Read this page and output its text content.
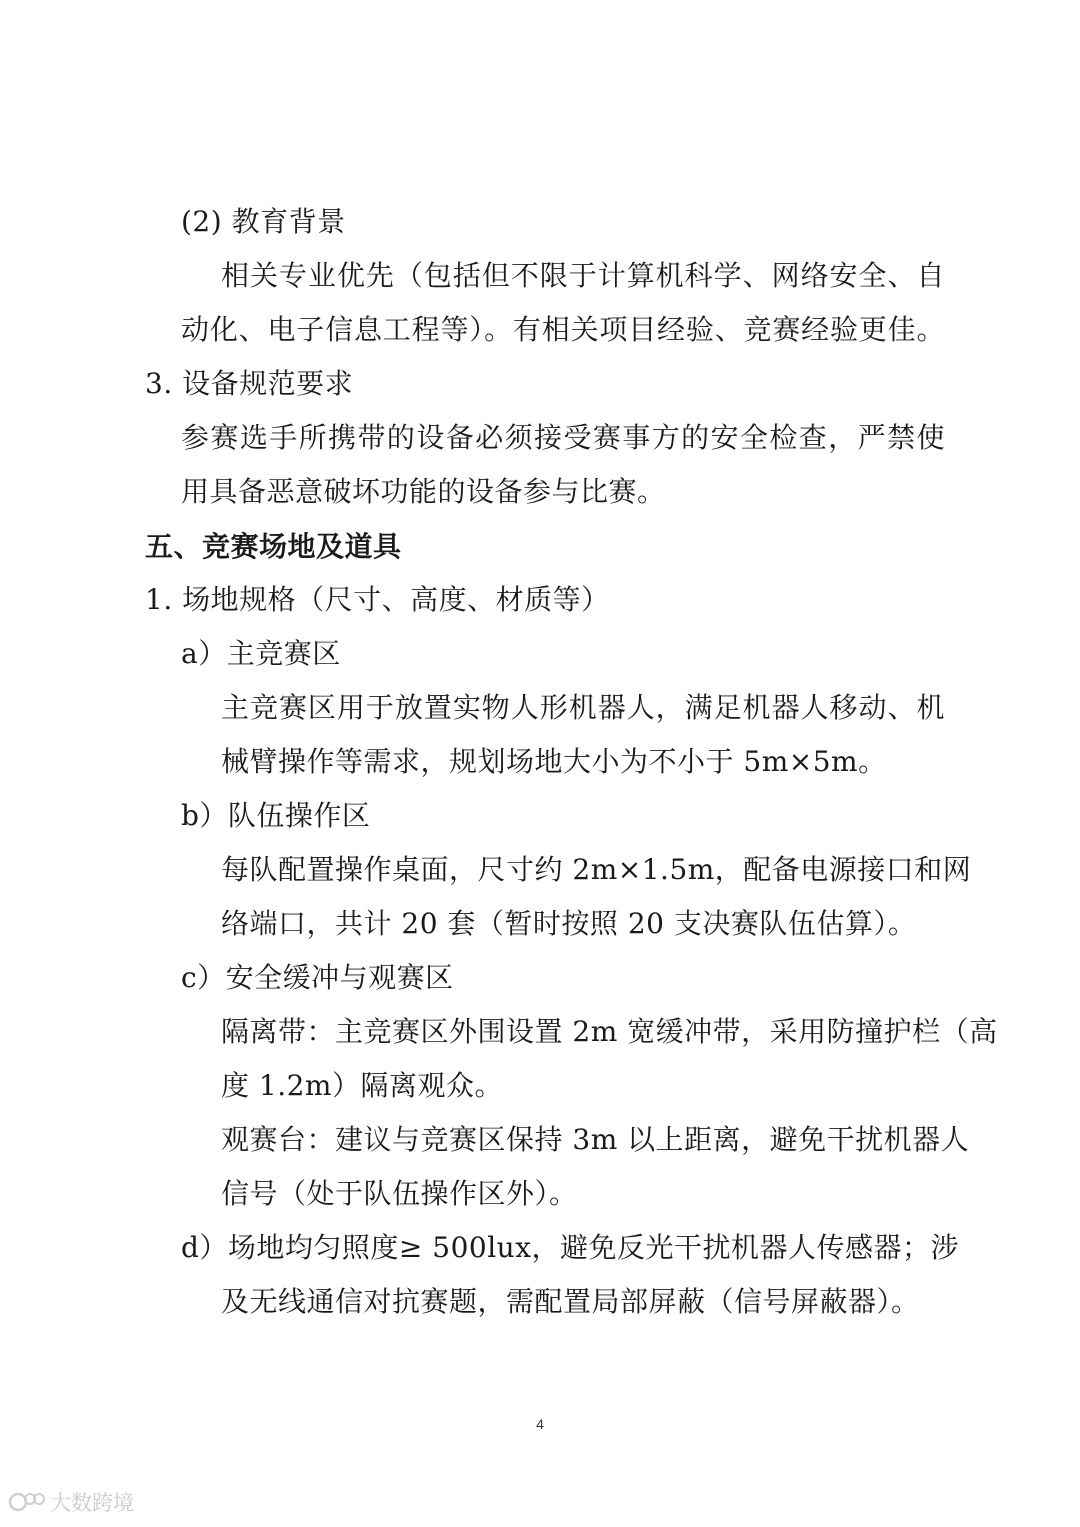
(2) 教育背景
相关专业优先（包括但不限于计算机科学、网络安全、自
动化、电子信息工程等）。有相关项目经验、竞赛经验更佳。
3. 设备规范要求
参赛选手所携带的设备必须接受赛事方的安全检查，严禁使
用具备恶意破坏功能的设备参与比赛。
五、竞赛场地及道具
1. 场地规格（尺寸、高度、材质等）
a）主竞赛区
主竞赛区用于放置实物人形机器人，满足机器人移动、机
械臂操作等需求，规划场地大小为不小于 5m×5m。
b）队伍操作区
每队配置操作桌面，尺寸约 2m×1.5m，配备电源接口和网
络端口，共计 20 套（暂时按照 20 支决赛队伍估算）。
c）安全缓冲与观赛区
隔离带：主竞赛区外围设置 2m 宽缓冲带，采用防撞护栏（高
度 1.2m）隔离观众。
观赛台：建议与竞赛区保持 3m 以上距离，避免干扰机器人
信号（处于队伍操作区外）。
d）场地均匀照度≥ 500lux，避免反光干扰机器人传感器；涉
及无线通信对抗赛题，需配置局部屏蔽（信号屏蔽器）。
4
大数跨境
